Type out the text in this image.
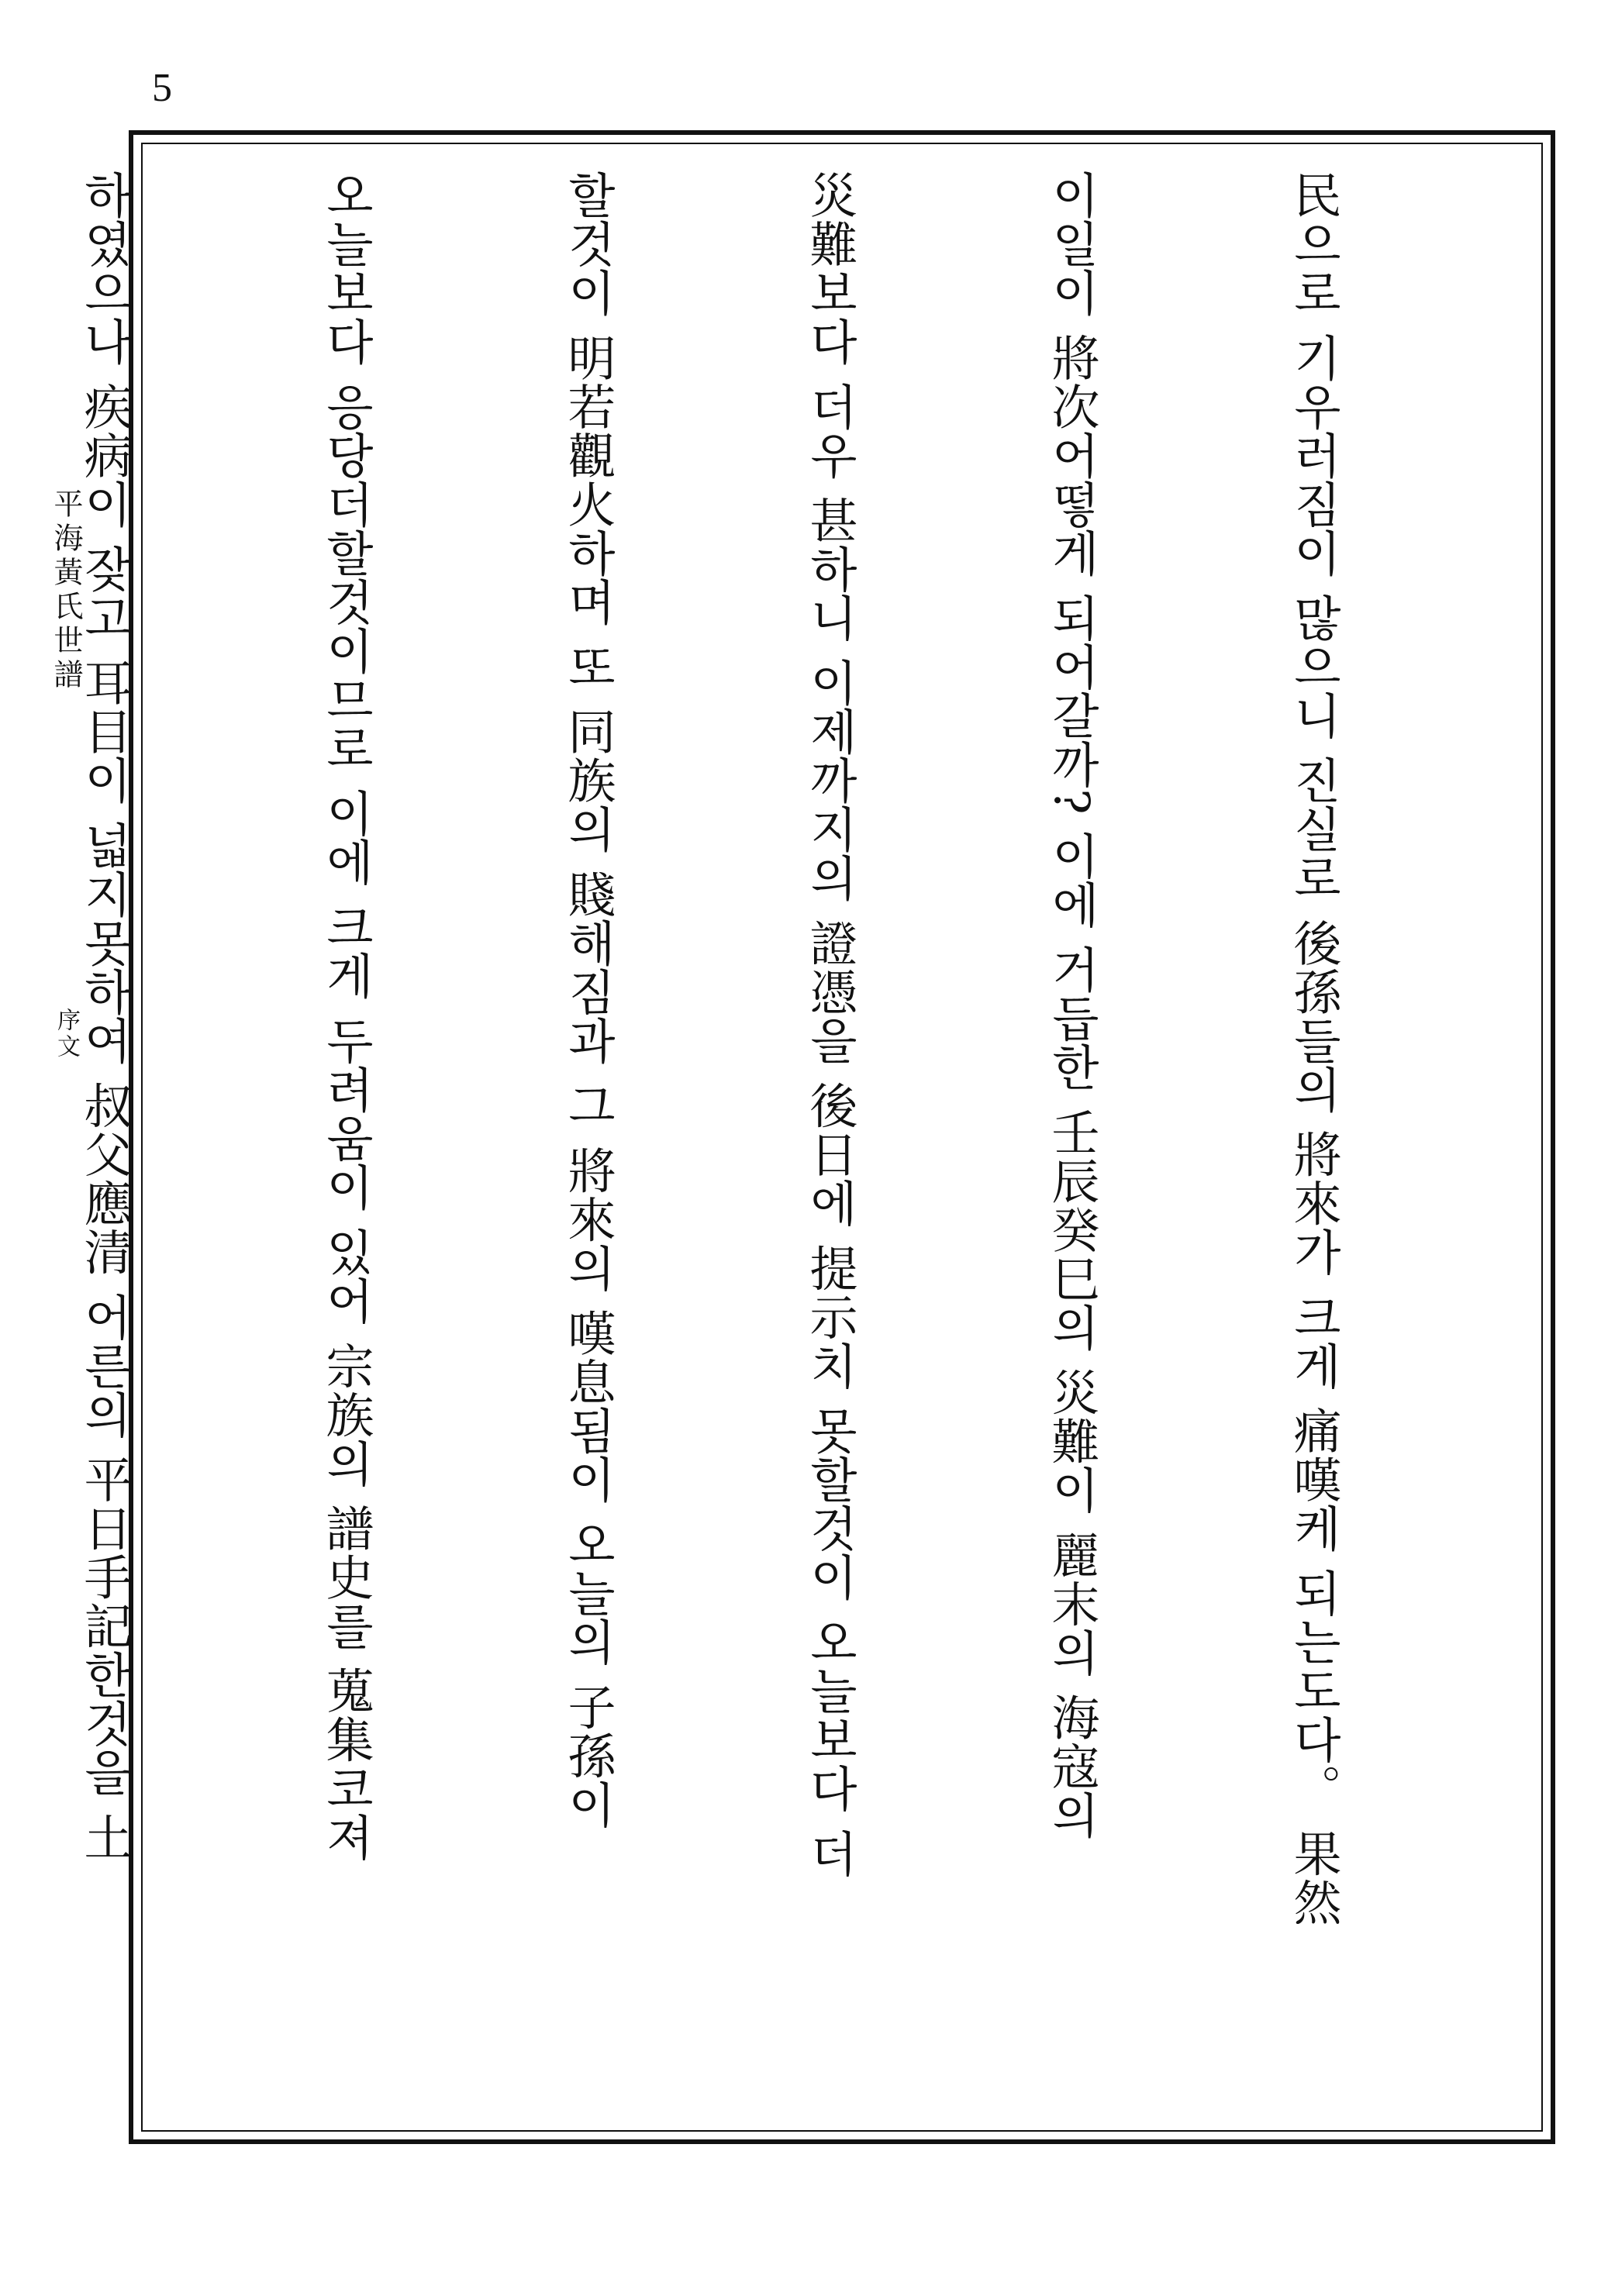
5
平海黃氏世譜
序文

	民으로 기우러짐이 많으니 진실로 後孫들의 將來가 크게 痛嘆케 되는도다。 果然

이일이 將次어떻게 되어갈까? 이에 거듭한 壬辰癸巳의 災難이 麗末의 海寇의

災難보다 더우 甚하니 이제까지의 證憑을 後日에 提示치 못할것이 오늘보다 더

할것이 明若觀火하며 또 同族의 賤해짐과 그 將來의 嘆息됨이 오늘의 子孫이

오늘보다 응당더할것이므로 이에 크게 두려움이 있어 宗族의 譜史를 蒐集코져

하였으나 疾病이 잦고 耳目이 넓지못하여 叔父應清 어른의 平日手記한것을 土
